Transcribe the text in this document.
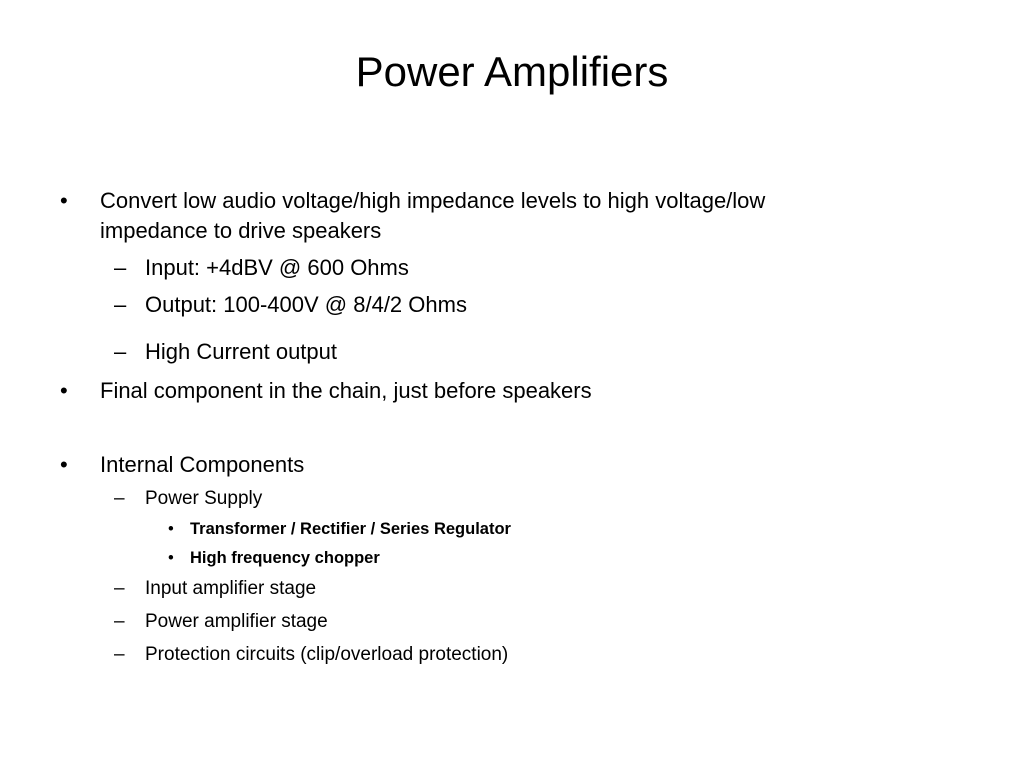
Power Amplifiers
• Convert low audio voltage/high impedance levels to high voltage/low
impedance to drive speakers
– Input: +4dBV @ 600 Ohms
– Output: 100-400V @ 8/4/2 Ohms
– High Current output
• Final component in the chain, just before speakers
• Internal Components
– Power Supply
• Transformer / Rectifier / Series Regulator
• High frequency chopper
– Input amplifier stage
– Power amplifier stage
– Protection circuits (clip/overload protection)
